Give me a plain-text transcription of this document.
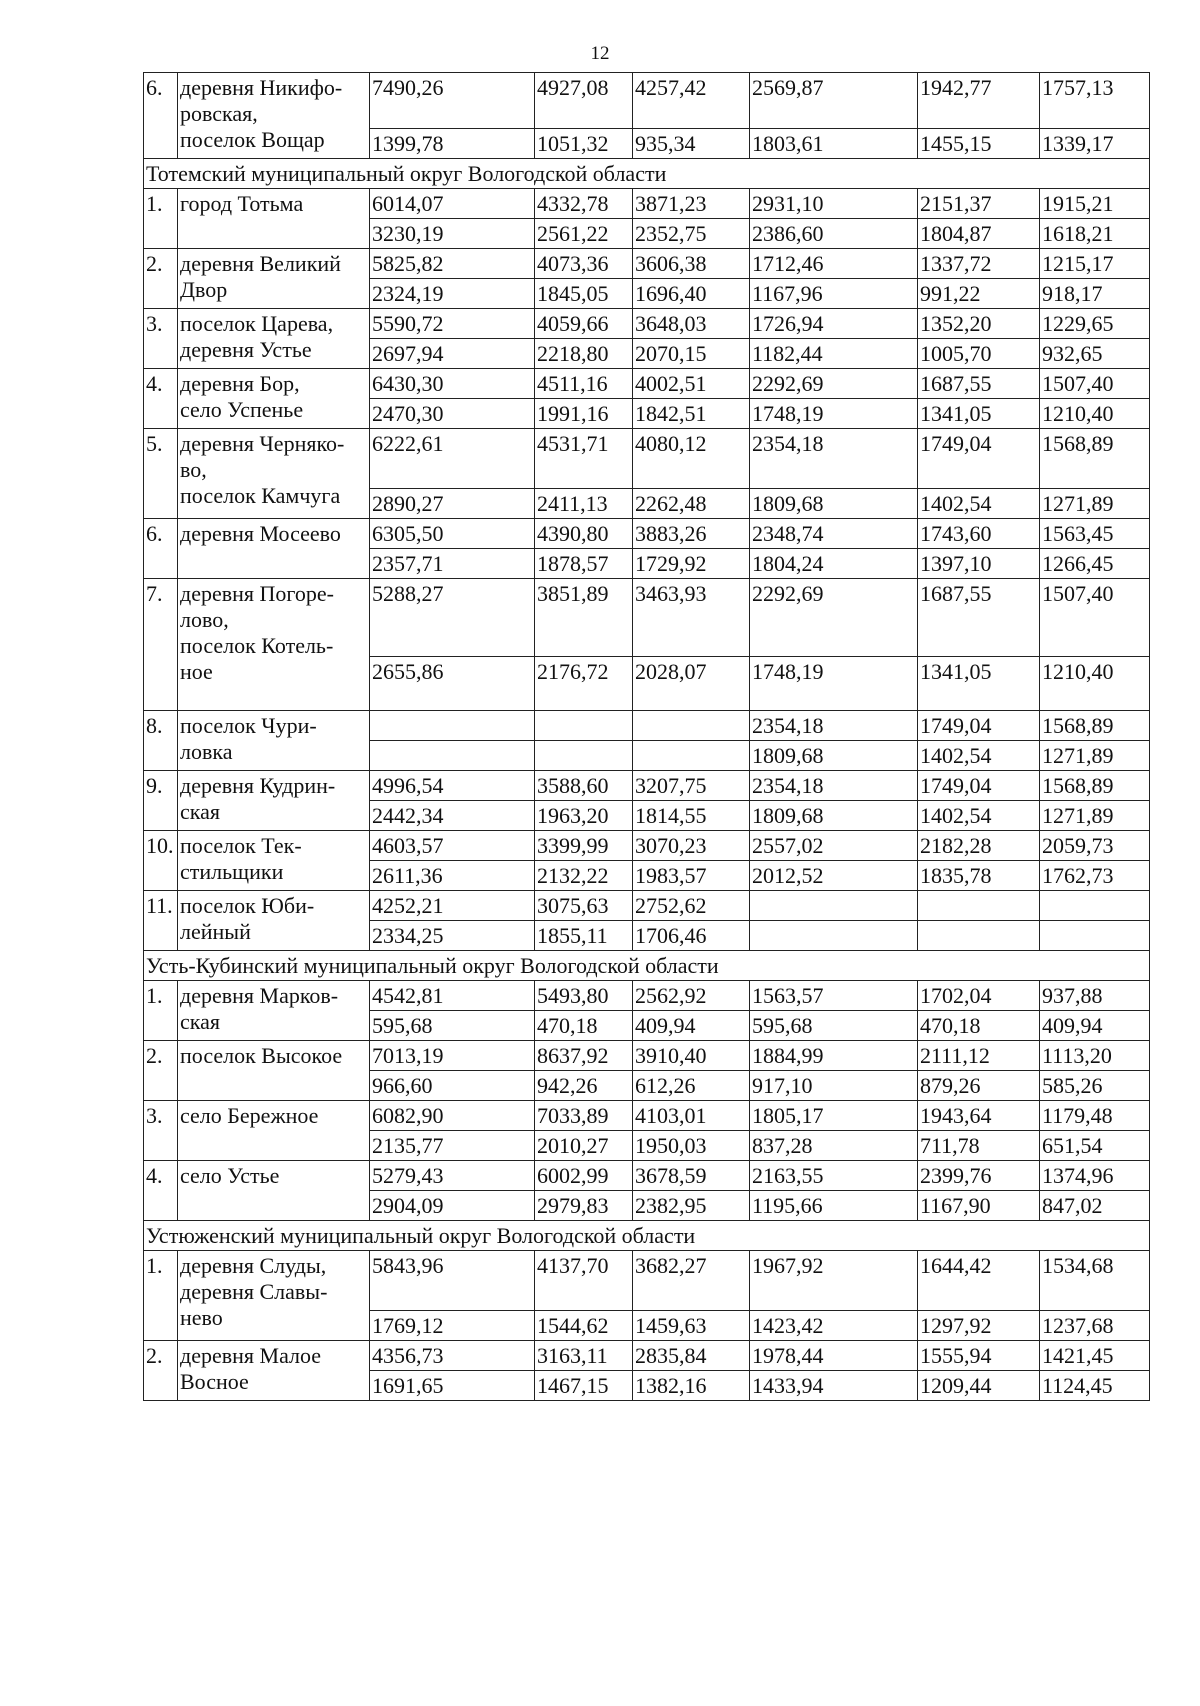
12
6.	деревня Никифо-
ровская,
поселок Вощар	7490,26	4927,08	4257,42	2569,87	1942,77	1757,13
		1399,78	1051,32	935,34	1803,61	1455,15	1339,17
Тотемский муниципальный округ Вологодской области							
1.	город Тотьма	6014,07	4332,78	3871,23	2931,10	2151,37	1915,21
		3230,19	2561,22	2352,75	2386,60	1804,87	1618,21
2.	деревня Великий
Двор	5825,82	4073,36	3606,38	1712,46	1337,72	1215,17
		2324,19	1845,05	1696,40	1167,96	991,22	918,17
3.	поселок Царева,
деревня Устье	5590,72	4059,66	3648,03	1726,94	1352,20	1229,65
		2697,94	2218,80	2070,15	1182,44	1005,70	932,65
4.	деревня Бор,
село Успенье	6430,30	4511,16	4002,51	2292,69	1687,55	1507,40
		2470,30	1991,16	1842,51	1748,19	1341,05	1210,40
5.	деревня Черняко-
во,
поселок Камчуга	6222,61	4531,71	4080,12	2354,18	1749,04	1568,89
		2890,27	2411,13	2262,48	1809,68	1402,54	1271,89
6.	деревня Мосеево	6305,50	4390,80	3883,26	2348,74	1743,60	1563,45
		2357,71	1878,57	1729,92	1804,24	1397,10	1266,45
7.	деревня Погоре-
лово,
поселок Котель-
ное	5288,27	3851,89	3463,93	2292,69	1687,55	1507,40
		2655,86	2176,72	2028,07	1748,19	1341,05	1210,40
8.	поселок Чури-
ловка				2354,18	1749,04	1568,89
					1809,68	1402,54	1271,89
9.	деревня Кудрин-
ская	4996,54	3588,60	3207,75	2354,18	1749,04	1568,89
		2442,34	1963,20	1814,55	1809,68	1402,54	1271,89
10.	поселок Тек-
стильщики	4603,57	3399,99	3070,23	2557,02	2182,28	2059,73
		2611,36	2132,22	1983,57	2012,52	1835,78	1762,73
11.	поселок Юби-
лейный	4252,21	3075,63	2752,62			
		2334,25	1855,11	1706,46			
Усть-Кубинский муниципальный округ Вологодской области							
1.	деревня Марков-
ская	4542,81	5493,80	2562,92	1563,57	1702,04	937,88
		595,68	470,18	409,94	595,68	470,18	409,94
2.	поселок Высокое	7013,19	8637,92	3910,40	1884,99	2111,12	1113,20
		966,60	942,26	612,26	917,10	879,26	585,26
3.	село Бережное	6082,90	7033,89	4103,01	1805,17	1943,64	1179,48
		2135,77	2010,27	1950,03	837,28	711,78	651,54
4.	село Устье	5279,43	6002,99	3678,59	2163,55	2399,76	1374,96
		2904,09	2979,83	2382,95	1195,66	1167,90	847,02
Устюженский муниципальный округ Вологодской области							
1.	деревня Слуды,
деревня Славы-
нево	5843,96	4137,70	3682,27	1967,92	1644,42	1534,68
		1769,12	1544,62	1459,63	1423,42	1297,92	1237,68
2.	деревня Малое
Восное	4356,73	3163,11	2835,84	1978,44	1555,94	1421,45
		1691,65	1467,15	1382,16	1433,94	1209,44	1124,45
